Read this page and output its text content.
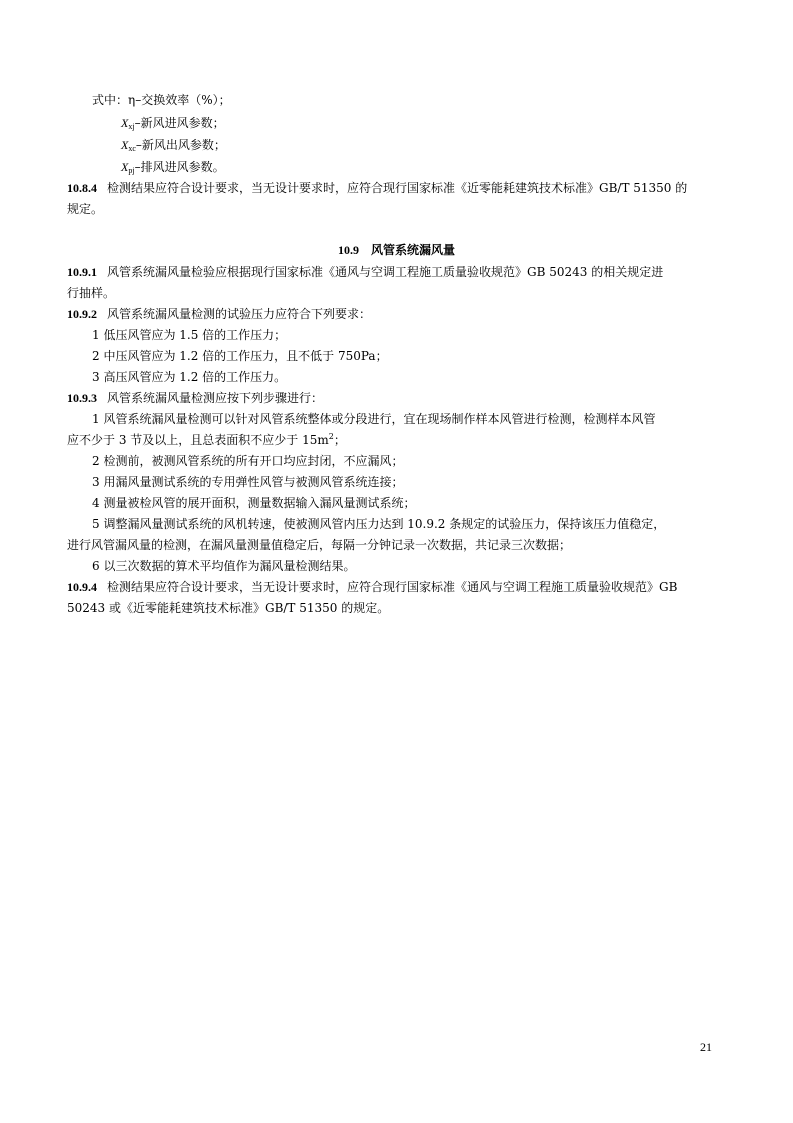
式中：η–交换效率（%）；
Xxj–新风进风参数；
Xxc–新风出风参数；
Xpj–排风进风参数。
10.8.4 检测结果应符合设计要求，当无设计要求时，应符合现行国家标准《近零能耗建筑技术标准》GB/T 51350 的
规定。
10.9 风管系统漏风量
10.9.1 风管系统漏风量检验应根据现行国家标准《通风与空调工程施工质量验收规范》GB 50243 的相关规定进
行抽样。
10.9.2 风管系统漏风量检测的试验压力应符合下列要求：
1 低压风管应为 1.5 倍的工作压力；
2 中压风管应为 1.2 倍的工作压力，且不低于 750Pa；
3 高压风管应为 1.2 倍的工作压力。
10.9.3 风管系统漏风量检测应按下列步骤进行：
1 风管系统漏风量检测可以针对风管系统整体或分段进行，宜在现场制作样本风管进行检测，检测样本风管
应不少于 3 节及以上，且总表面积不应少于 $15m^2$；
2 检测前，被测风管系统的所有开口均应封闭，不应漏风；
3 用漏风量测试系统的专用弹性风管与被测风管系统连接；
4 测量被检风管的展开面积，测量数据输入漏风量测试系统；
5 调整漏风量测试系统的风机转速，使被测风管内压力达到 10.9.2 条规定的试验压力，保持该压力值稳定，
进行风管漏风量的检测，在漏风量测量值稳定后，每隔一分钟记录一次数据，共记录三次数据；
6 以三次数据的算术平均值作为漏风量检测结果。
10.9.4 检测结果应符合设计要求，当无设计要求时，应符合现行国家标准《通风与空调工程施工质量验收规范》GB
50243 或《近零能耗建筑技术标准》GB/T 51350 的规定。
21
